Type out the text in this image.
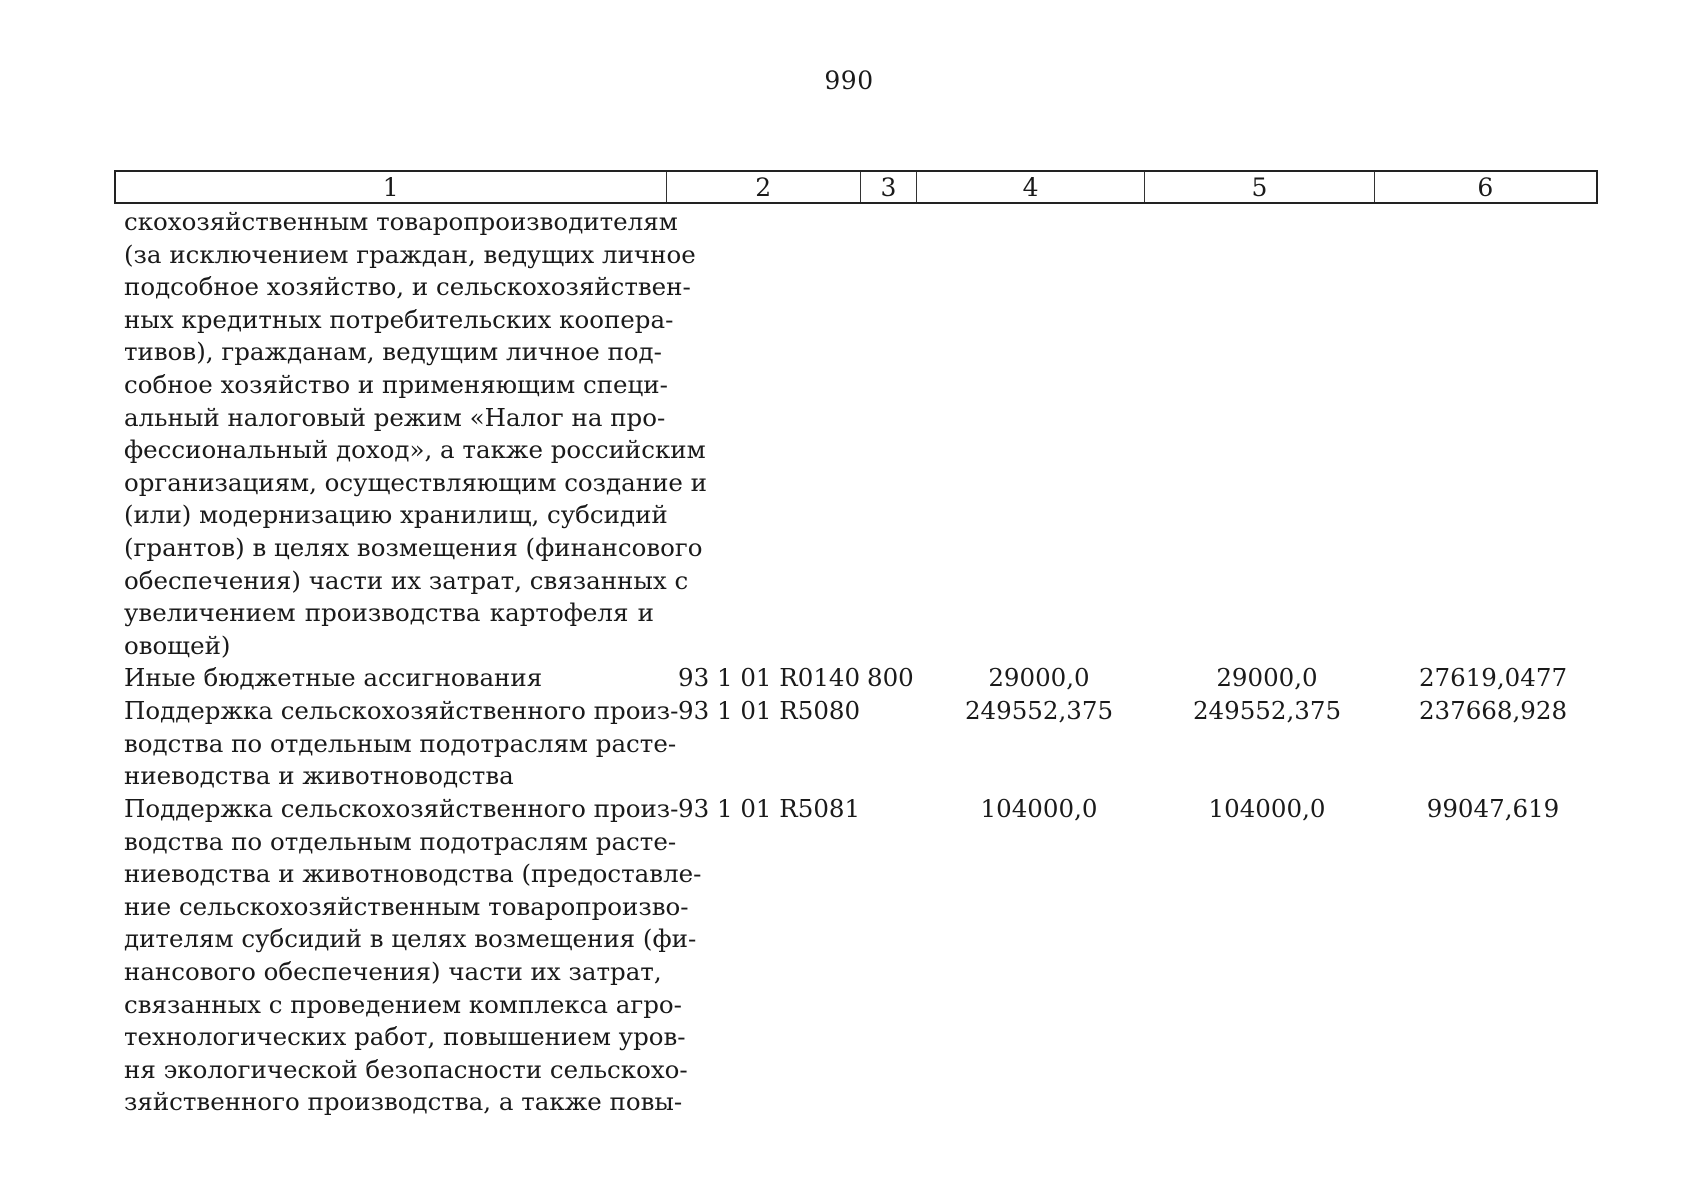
990
1	2	3	4	5	6
скохозяйственным товаропроизводителям
(за исключением граждан, ведущих личное
подсобное хозяйство, и сельскохозяйствен-
ных кредитных потребительских коопера-
тивов), гражданам, ведущим личное под-
собное хозяйство и применяющим специ-
альный налоговый режим «Налог на про-
фессиональный доход», а также российским
организациям, осуществляющим создание и
(или) модернизацию хранилищ, субсидий
(грантов) в целях возмещения (финансового
обеспечения) части их затрат, связанных с
увеличением производства картофеля и
овощей)
Иные бюджетные ассигнования	93 1 01 R0140 800	29000,0	29000,0	27619,0477
Поддержка сельскохозяйственного произ-
водства по отдельным подотраслям расте-
ниеводства и животноводства
93 1 01 R5080	249552,375	249552,375	237668,928
Поддержка сельскохозяйственного произ-
водства по отдельным подотраслям расте-
ниеводства и животноводства (предоставле-
ние сельскохозяйственным товаропроизво-
дителям субсидий в целях возмещения (фи-
нансового обеспечения) части их затрат,
связанных с проведением комплекса агро-
технологических работ, повышением уров-
ня экологической безопасности сельскохо-
зяйственного производства, а также повы-
93 1 01 R5081	104000,0	104000,0	99047,619
